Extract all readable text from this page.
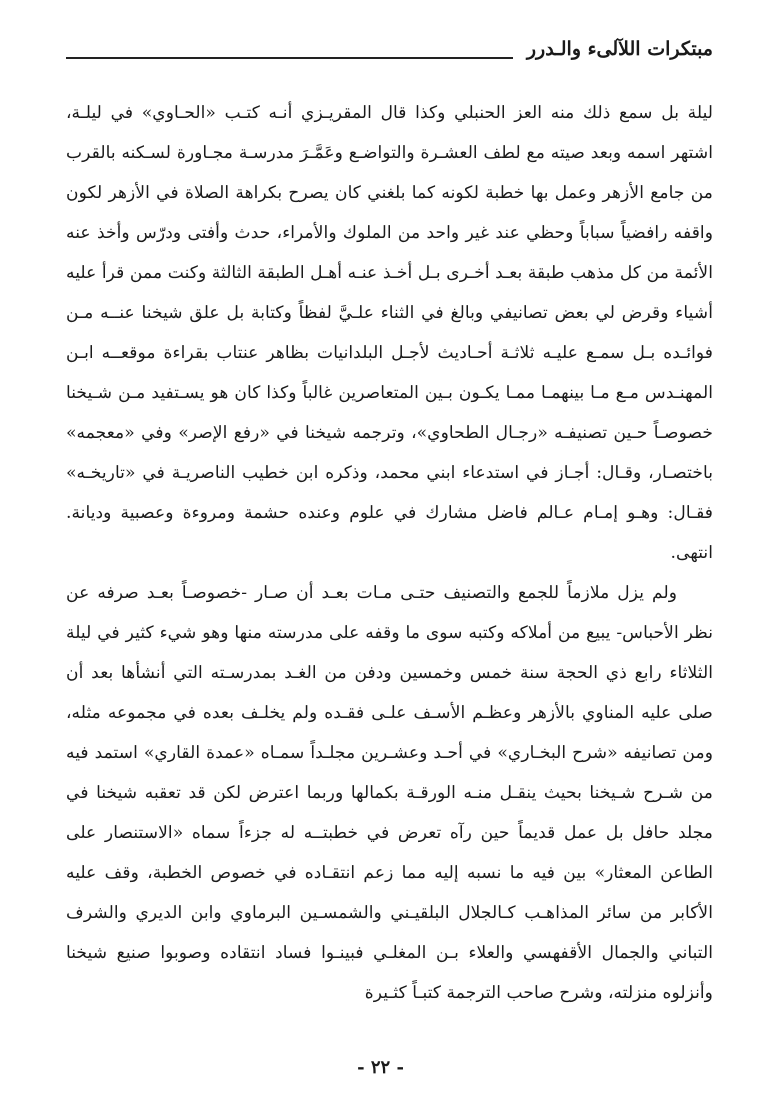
مبتكرات اللآلىء والـدرر

ليلة بل سمع ذلك منه العز الحنبلي وكذا قال المقريـزي أنـه كتـب «الحـاوي» في ليلـة، اشتهر اسمه وبعد صيته مع لطف العشـرة والتواضـع وعَمَّـرَ مدرسـة مجـاورة لسـكنه بالقرب من جامع الأزهر وعمل بها خطبة لكونه كما بلغني كان يصرح بكراهة الصلاة في الأزهر لكون واقفه رافضياً سباباً وحظي عند غير واحد من الملوك والأمراء، حدث وأفتى ودرّس وأخذ عنه الأئمة من كل مذهب طبقة بعـد أخـرى بـل أخـذ عنـه أهـل الطبقة الثالثة وكنت ممن قرأ عليه أشياء وقرض لي بعض تصانيفي وبالغ في الثناء علـيَّ لفظاً وكتابة بل علق شيخنا عنــه مـن فوائـده بـل سمـع عليـه ثلاثـة أحـاديث لأجـل البلدانيات بظاهر عنتاب بقراءة موقعــه ابـن المهنـدس مـع مـا بينهمـا ممـا يكـون بـين المتعاصرين غالباً وكذا كان هو يسـتفيد مـن شـيخنا خصوصـاً حـين تصنيفـه «رجـال الطحاوي»، وترجمه شيخنا في «رفع الإصر» وفي «معجمه» باختصـار، وقـال: أجـاز في استدعاء ابني محمد، وذكره ابن خطيب الناصريـة في «تاريخـه» فقـال: وهـو إمـام عـالم فاضل مشارك في علوم وعنده حشمة ومروءة وعصبية وديانة. انتهى.

ولم يزل ملازماً للجمع والتصنيف حتـى مـات بعـد أن صـار -خصوصـاً بعـد صرفه عن نظر الأحباس- يبيع من أملاكه وكتبه سوى ما وقفه على مدرسته منها وهو شيء كثير في ليلة الثلاثاء رابع ذي الحجة سنة خمس وخمسين ودفن من الغـد بمدرسـته التي أنشأها بعد أن صلى عليه المناوي بالأزهر وعظـم الأسـف علـى فقـده ولم يخلـف بعده في مجموعه مثله، ومن تصانيفه «شرح البخـاري» في أحـد وعشـرين مجلـداً سمـاه «عمدة القاري» استمد فيه من شـرح شـيخنا بحيث ينقـل منـه الورقـة بكمالها وربما اعترض لكن قد تعقبه شيخنا في مجلد حافل بل عمل قديماً حين رآه تعرض في خطبتــه له جزءاً سماه «الاستنصار على الطاعن المعثار» بين فيه ما نسبه إليه مما زعم انتقـاده في خصوص الخطبة، وقف عليه الأكابر من سائر المذاهـب كـالجلال البلقيـني والشمسـين البرماوي وابن الديري والشرف التباني والجمال الأقفهسي والعلاء بـن المغلـي فبينـوا فساد انتقاده وصوبوا صنيع شيخنا وأنزلوه منزلته، وشرح صاحب الترجمة كتبـاً كثـيرة

- ٢٢ -
